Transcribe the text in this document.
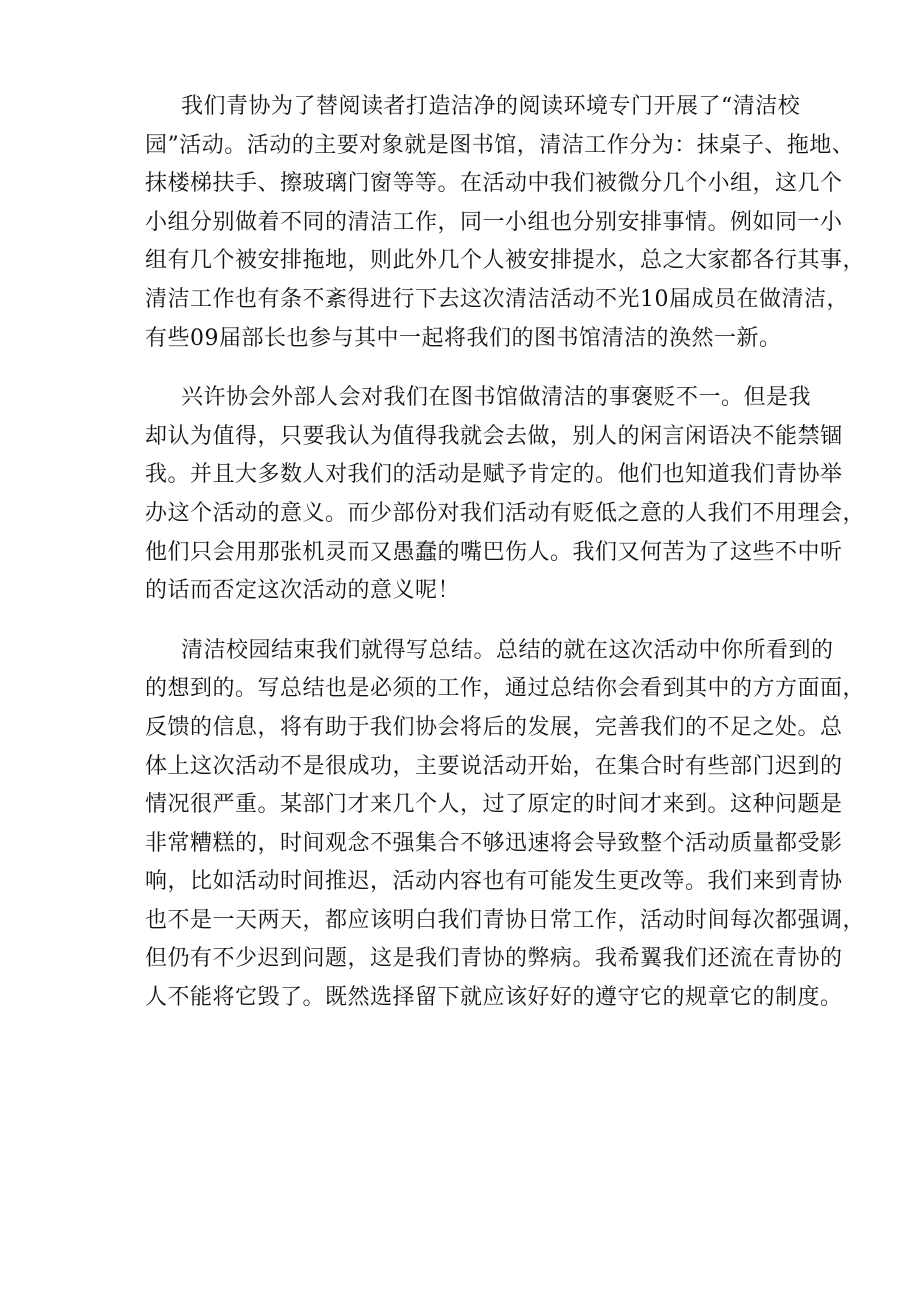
我们青协为了替阅读者打造洁净的阅读环境专门开展了“清洁校
园”活动。活动的主要对象就是图书馆，清洁工作分为：抹桌子、拖地、
抹楼梯扶手、擦玻璃门窗等等。在活动中我们被微分几个小组，这几个
小组分别做着不同的清洁工作，同一小组也分别安排事情。例如同一小
组有几个被安排拖地，则此外几个人被安排提水，总之大家都各行其事，
清洁工作也有条不紊得进行下去这次清洁活动不光10届成员在做清洁，
有些09届部长也参与其中一起将我们的图书馆清洁的涣然一新。

兴许协会外部人会对我们在图书馆做清洁的事褒贬不一。但是我
却认为值得，只要我认为值得我就会去做，别人的闲言闲语决不能禁锢
我。并且大多数人对我们的活动是赋予肯定的。他们也知道我们青协举
办这个活动的意义。而少部份对我们活动有贬低之意的人我们不用理会，
他们只会用那张机灵而又愚蠢的嘴巴伤人。我们又何苦为了这些不中听
的话而否定这次活动的意义呢！

清洁校园结束我们就得写总结。总结的就在这次活动中你所看到的
的想到的。写总结也是必须的工作，通过总结你会看到其中的方方面面，
反馈的信息，将有助于我们协会将后的发展，完善我们的不足之处。总
体上这次活动不是很成功，主要说活动开始，在集合时有些部门迟到的
情况很严重。某部门才来几个人，过了原定的时间才来到。这种问题是
非常糟糕的，时间观念不强集合不够迅速将会导致整个活动质量都受影
响，比如活动时间推迟，活动内容也有可能发生更改等。我们来到青协
也不是一天两天，都应该明白我们青协日常工作，活动时间每次都强调，
但仍有不少迟到问题，这是我们青协的弊病。我希翼我们还流在青协的
人不能将它毁了。既然选择留下就应该好好的遵守它的规章它的制度。
